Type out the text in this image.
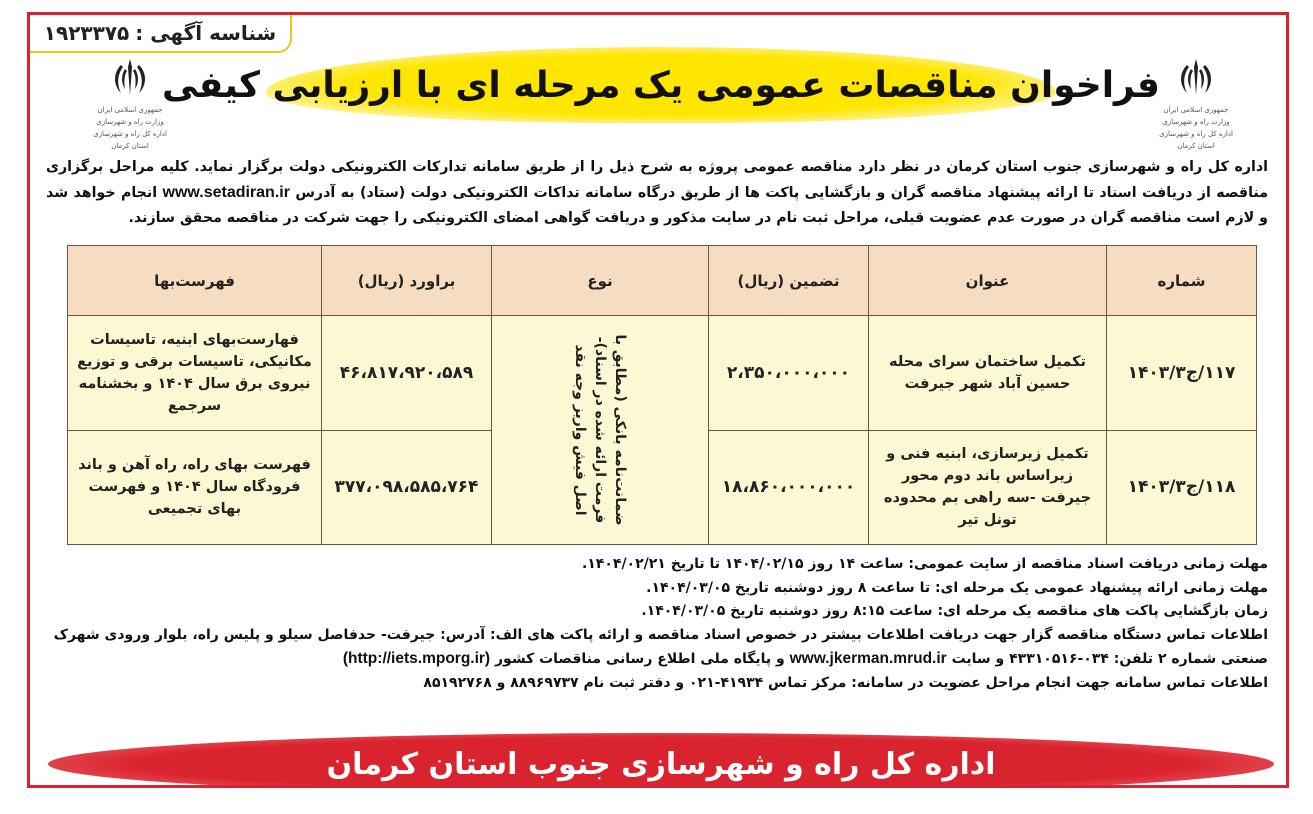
شناسه آگهی :
۱۹۲۳۳۷۵
جمهوری اسلامی ایران
وزارت راه و شهرسازی
اداره کل راه و شهرسازی
استان کرمان
جمهوری اسلامی ایران
وزارت راه و شهرسازی
اداره کل راه و شهرسازی
استان کرمان
فراخوان مناقصات عمومی یک مرحله ای با ارزیابی کیفی

اداره کل راه و شهرسازی جنوب استان کرمان در نظر دارد مناقصه عمومی پروژه به شرح ذیل را از طریق سامانه تداركات الكترونيكی دولت برگزار نماید. کلیه مراحل برگزاری مناقصه از دریافت اسناد تا ارائه پیشنهاد مناقصه گران و بازگشایی پاکت ها از طریق درگاه سامانه تداکات الکترونیکی دولت (ستاد) به آدرس www.setadiran.ir انجام خواهد شد و لازم است مناقصه گران در صورت عدم عضویت قبلی، مراحل ثبت نام در سایت مذکور و دریافت گواهی امضای الکترونیکی را جهت شرکت در مناقصه محقق سازند.

شماره	عنوان	تضمین (ریال)	نوع	براورد (ریال)	فهرست‌بها
۱۱۷/ج۱۴۰۳/۳	تکمیل ساختمان سرای محله حسین آباد شهر جیرفت	۲،۳۵۰،۰۰۰،۰۰۰	ضمانت‌نامه بانکی (مطابق با
فرمت ارائه شده در اسناد)-
اصل فیش واریز وجه نقد	۴۶،۸۱۷،۹۲۰،۵۸۹	فهارست‌بهای ابنیه، تاسیسات مکانیکی، تاسیسات برقی و توزیع نیروی برق سال ۱۴۰۴ و بخشنامه سرجمع
۱۱۸/ج۱۴۰۳/۳	تکمیل زیرسازی، ابنیه فنی و زیراساس باند دوم محور جیرفت -سه راهی بم محدوده تونل تیر	۱۸،۸۶۰،۰۰۰،۰۰۰		۳۷۷،۰۹۸،۵۸۵،۷۶۴	فهرست بهای راه، راه آهن و باند فرودگاه سال ۱۴۰۴ و فهرست بهای تجمیعی
مهلت زمانی دریافت اسناد مناقصه از سایت عمومی: ساعت ۱۴ روز ۱۴۰۴/۰۲/۱۵ تا تاریخ ۱۴۰۴/۰۲/۲۱.
مهلت زمانی ارائه پیشنهاد عمومی یک مرحله ای: تا ساعت ۸ روز دوشنبه تاریخ ۱۴۰۴/۰۳/۰۵.
زمان بازگشایی پاکت های مناقصه یک مرحله ای: ساعت ۸:۱۵ روز دوشنبه تاریخ ۱۴۰۴/۰۳/۰۵.
اطلاعات تماس دستگاه مناقصه گزار جهت دریافت اطلاعات بیشتر در خصوص اسناد مناقصه و ارائه پاکت های الف: آدرس: جیرفت- حدفاصل سیلو و پلیس راه، بلوار ورودی شهرک صنعتی شماره ۲ تلفن: ۰۳۴-۴۳۳۱۰۵۱۶ و سایت www.jkerman.mrud.ir و پایگاه ملی اطلاع رسانی مناقصات کشور (http://iets.mporg.ir)
اطلاعات تماس سامانه جهت انجام مراحل عضویت در سامانه: مرکز تماس ۴۱۹۳۴-۰۲۱ و دفتر ثبت نام ۸۸۹۶۹۷۳۷ و ۸۵۱۹۲۷۶۸
اداره کل راه و شهرسازی جنوب استان کرمان
